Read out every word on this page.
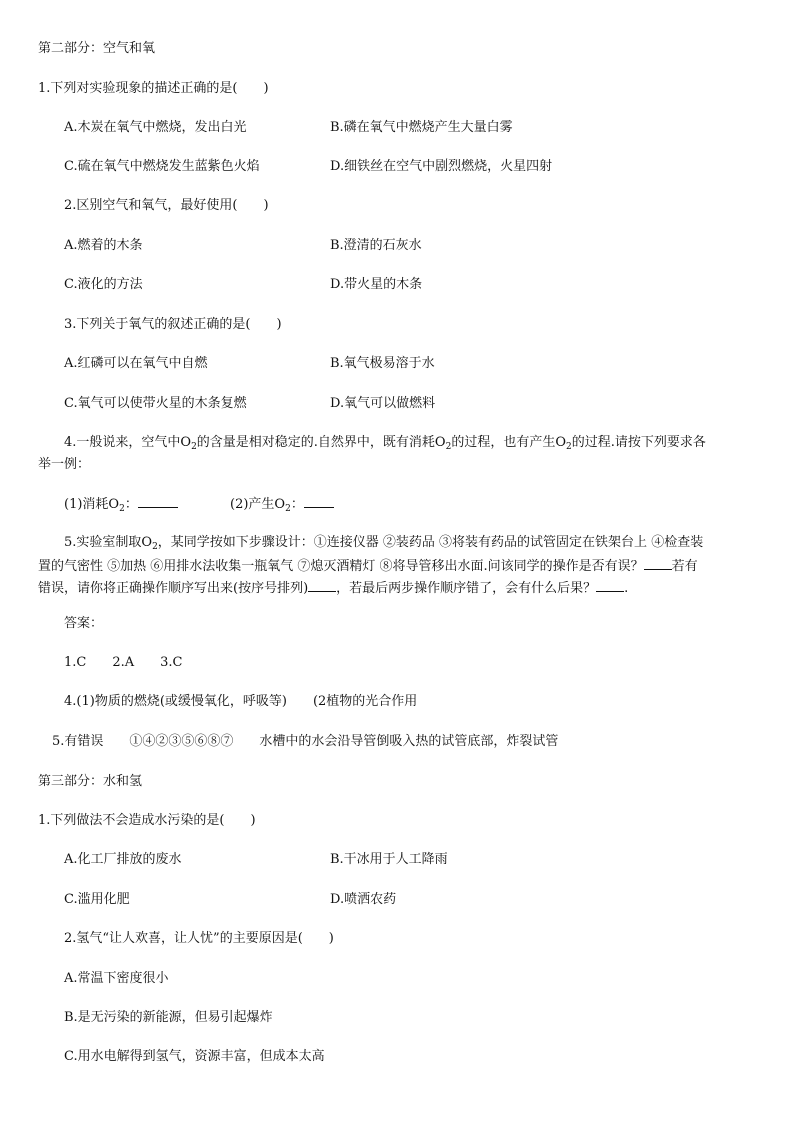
第二部分：空气和氧
1.下列对实验现象的描述正确的是(　　)
A.木炭在氧气中燃烧，发出白光	B.磷在氧气中燃烧产生大量白雾
C.硫在氧气中燃烧发生蓝紫色火焰	D.细铁丝在空气中剧烈燃烧，火星四射
2.区别空气和氧气，最好使用(　　)
A.燃着的木条	B.澄清的石灰水
C.液化的方法	D.带火星的木条
3.下列关于氧气的叙述正确的是(　　)
A.红磷可以在氧气中自燃	B.氧气极易溶于水
C.氧气可以使带火星的木条复燃	D.氧气可以做燃料
4.一般说来，空气中$O_2$的含量是相对稳定的.自然界中，既有消耗$O_2$的过程，也有产生$O_2$的过程.请按下列要求各
举一例：
(1)消耗$O_2$：	(2)产生$O_2$：
5.实验室制取$O_2$，某同学按如下步骤设计：①连接仪器 ②装药品 ③将装有药品的试管固定在铁架台上 ④检查装
置的气密性 ⑤加热 ⑥用排水法收集一瓶氧气 ⑦熄灭酒精灯 ⑧将导管移出水面.问该同学的操作是否有误？ 若有
错误，请你将正确操作顺序写出来(按序号排列) ，若最后两步操作顺序错了，会有什么后果？ .
答案：
1.C　　2.A　　3.C
4.(1)物质的燃烧(或缓慢氧化，呼吸等)　　(2植物的光合作用
5.有错误　　①④②③⑤⑥⑧⑦　　水槽中的水会沿导管倒吸入热的试管底部，炸裂试管
第三部分：水和氢
1.下列做法不会造成水污染的是(　　)
A.化工厂排放的废水	B.干冰用于人工降雨
C.滥用化肥	D.喷洒农药
2.氢气“让人欢喜，让人忧”的主要原因是(　　)
A.常温下密度很小
B.是无污染的新能源，但易引起爆炸
C.用水电解得到氢气，资源丰富，但成本太高
